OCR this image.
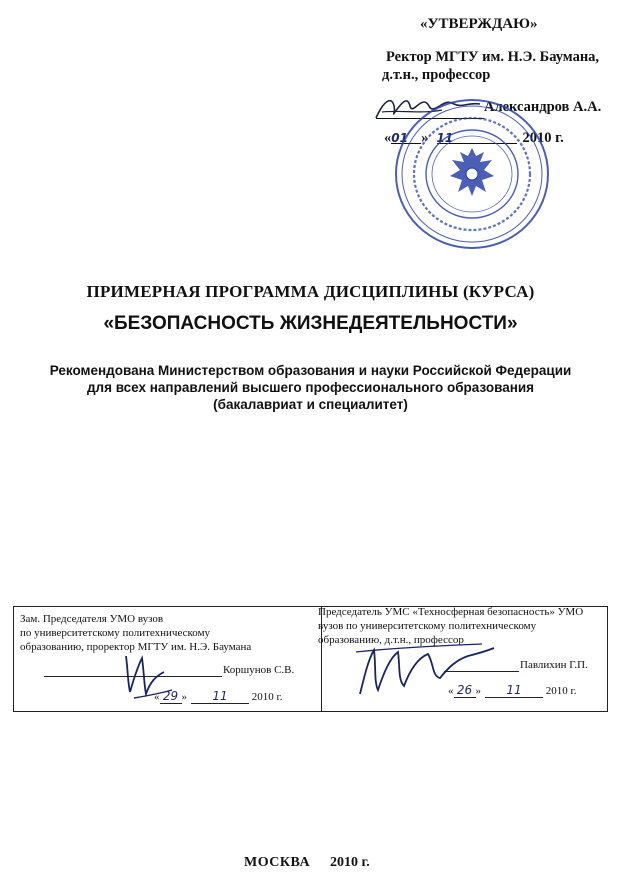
«УТВЕРЖДАЮ»
Ректор МГТУ им. Н.Э. Баумана,
д.т.н., профессор
Александров А.А.
«01 » 11	2010 г.
ПРИМЕРНАЯ ПРОГРАММА ДИСЦИПЛИНЫ (КУРСА)
«БЕЗОПАСНОСТЬ ЖИЗНЕДЕЯТЕЛЬНОСТИ»
Рекомендована Министерством образования и науки Российской Федерации
для всех направлений высшего профессионального образования
(бакалавриат и специалитет)
Зам. Председателя УМО вузов
по университетскому политехническому
образованию, проректор МГТУ им. Н.Э. Баумана
Коршунов С.В.
« 29 » 11 2010 г.
Председатель УМС «Техносферная безопасность» УМО
вузов по университетскому политехническому
образованию, д.т.н., профессор
Павлихин Г.П.
« 26 » 11 2010 г.
МОСКВА 2010 г.
